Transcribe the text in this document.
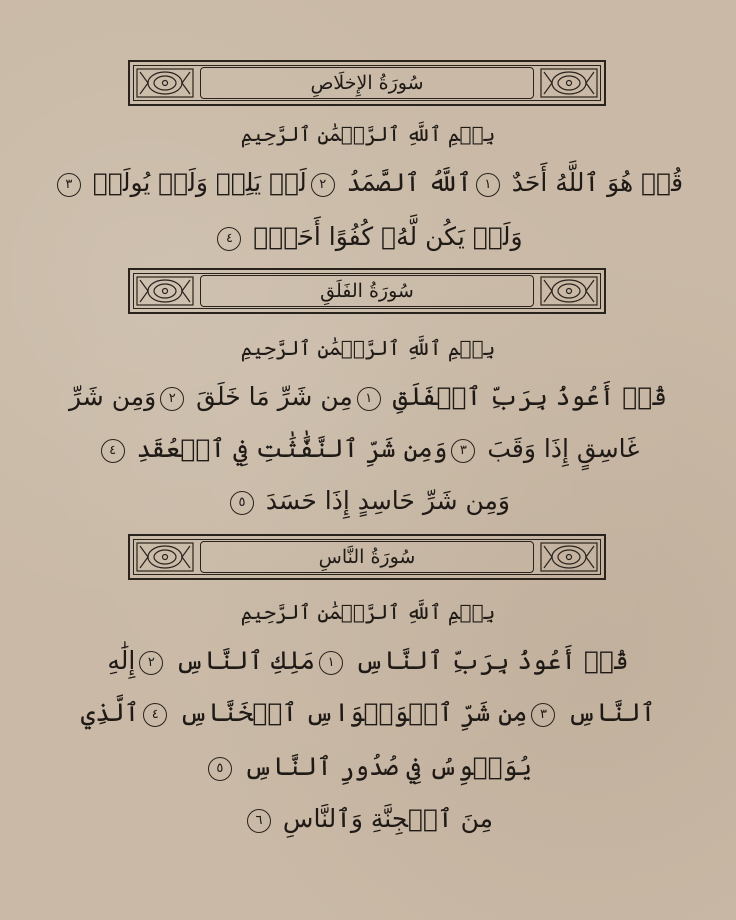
سُورَةُ الإِخلَاصِ
بِسۡمِ ٱللَّهِ ٱلرَّحۡمَٰنِ ٱلرَّحِيمِ
قُلۡ هُوَ ٱللَّهُ أَحَدٌ ١ٱللَّهُ ٱلصَّمَدُ ٢لَمۡ يَلِدۡ وَلَمۡ يُولَدۡ ٣
وَلَمۡ يَكُن لَّهُۥ كُفُوًا أَحَدُۢ ٤
سُورَةُ الفَلَقِ
بِسۡمِ ٱللَّهِ ٱلرَّحۡمَٰنِ ٱلرَّحِيمِ
قُلۡ أَعُوذُ بِرَبِّ ٱلۡفَلَقِ ١مِن شَرِّ مَا خَلَقَ ٢وَمِن شَرِّ
غَاسِقٍ إِذَا وَقَبَ ٣وَمِن شَرِّ ٱلنَّفَّٰثَٰتِ فِي ٱلۡعُقَدِ ٤
وَمِن شَرِّ حَاسِدٍ إِذَا حَسَدَ ٥
سُورَةُ النَّاسِ
بِسۡمِ ٱللَّهِ ٱلرَّحۡمَٰنِ ٱلرَّحِيمِ
قُلۡ أَعُوذُ بِرَبِّ ٱلنَّاسِ ١مَلِكِ ٱلنَّاسِ ٢إِلَٰهِ
ٱلنَّاسِ ٣مِن شَرِّ ٱلۡوَسۡوَاسِ ٱلۡخَنَّاسِ ٤ٱلَّذِي
يُوَسۡوِسُ فِي صُدُورِ ٱلنَّاسِ ٥
مِنَ ٱلۡجِنَّةِ وَٱلنَّاسِ ٦
